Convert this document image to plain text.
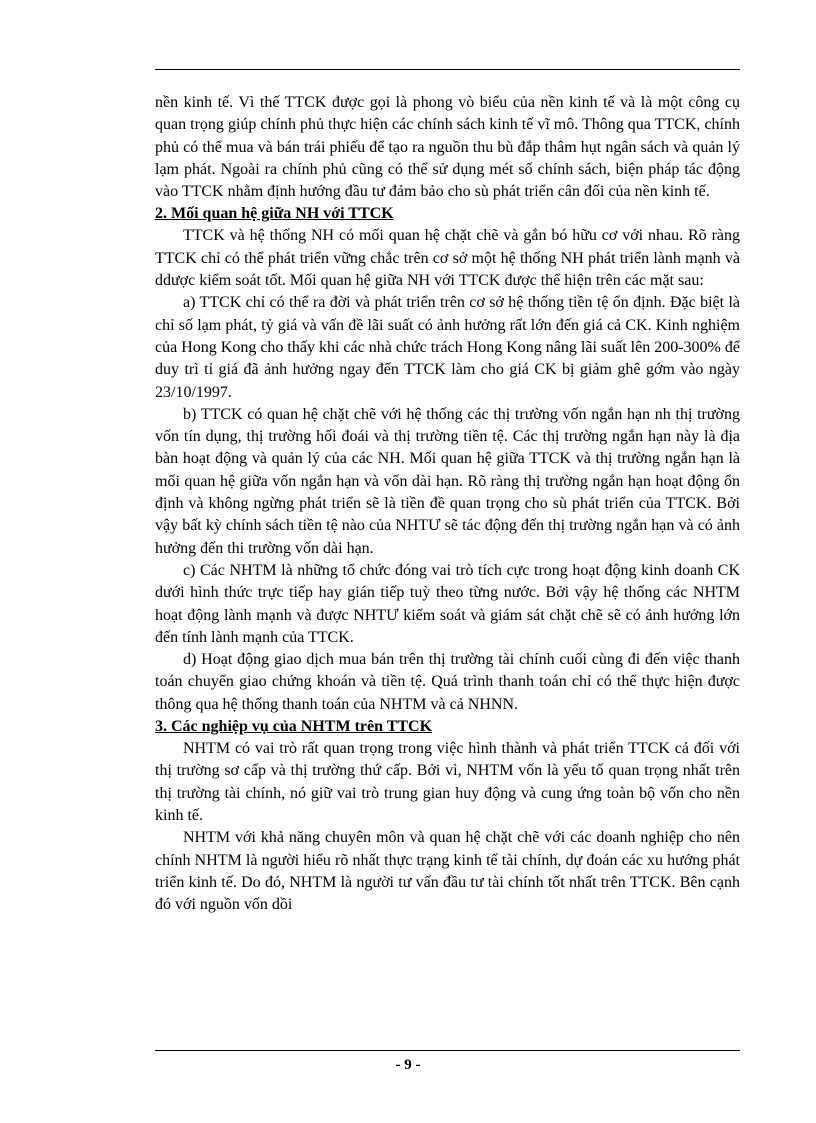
nền kinh tế. Vì thế TTCK được gọi là phong vò biểu của nền kinh tế và là một công cụ quan trọng giúp chính phủ thực hiện các chính sách kinh tế vĩ mô. Thông qua TTCK, chính phủ có thể mua và bán trái phiếu để tạo ra nguồn thu bù đắp thâm hụt ngân sách và quản lý lạm phát. Ngoài ra chính phủ cũng có thể sử dụng mét số chính sách, biện pháp tác động vào TTCK nhằm định hướng đầu tư đảm bảo cho sù phát triển cân đối của nền kinh tế.

2. Mối quan hệ giữa NH với TTCK

TTCK và hệ thống NH có mối quan hệ chặt chẽ và gắn bó hữu cơ với nhau. Rõ ràng TTCK chỉ có thể phát triển vững chắc trên cơ sở một hệ thống NH phát triển lành mạnh và ddược kiểm soát tốt. Mối quan hệ giữa NH với TTCK được thể hiện trên các mặt sau:

a) TTCK chỉ có thể ra đời và phát triển trên cơ sở hệ thống tiền tệ ổn định. Đặc biệt là chỉ số lạm phát, tỷ giá và vấn đề lãi suất có ảnh hưởng rất lớn đến giá cả CK. Kinh nghiệm của Hong Kong cho thấy khi các nhà chức trách Hong Kong nâng lãi suất lên 200-300% để duy trì tỉ giá đã ảnh hưởng ngay đến TTCK làm cho giá CK bị giảm ghê gớm vào ngày 23/10/1997.

b) TTCK có quan hệ chặt chẽ với hệ thống các thị trường vốn ngắn hạn nh thị trường vốn tín dụng, thị trường hối đoái và thị trường tiền tệ. Các thị trường ngắn hạn này là địa bàn hoạt động và quản lý của các NH. Mối quan hệ giữa TTCK và thị trường ngắn hạn là mối quan hệ giữa vốn ngắn hạn và vốn dài hạn. Rõ ràng thị trường ngắn hạn hoạt động ổn định và không ngừng phát triển sẽ là tiền đề quan trọng cho sù phát triển của TTCK. Bởi vậy bất kỳ chính sách tiền tệ nào của NHTƯ sẽ tác động đến thị trường ngắn hạn và có ảnh hưởng đến thi trường vốn dài hạn.

c) Các NHTM là những tổ chức đóng vai trò tích cực trong hoạt động kinh doanh CK dưới hình thức trực tiếp hay gián tiếp tuỳ theo từng nước. Bởi vậy hệ thống các NHTM hoạt động lành mạnh và được NHTƯ kiểm soát và giám sát chặt chẽ sẽ có ảnh hưởng lớn đến tính lành mạnh của TTCK.

d) Hoạt động giao dịch mua bán trên thị trường tài chính cuối cùng đi đến việc thanh toán chuyển giao chứng khoán và tiền tệ. Quá trình thanh toán chỉ có thể thực hiện được thông qua hệ thống thanh toán của NHTM và cả NHNN.

3. Các nghiệp vụ của NHTM trên TTCK

NHTM có vai trò rất quan trọng trong việc hình thành và phát triển TTCK cả đối với thị trường sơ cấp và thị trường thứ cấp. Bởi vì, NHTM vốn là yếu tố quan trọng nhất trên thị trường tài chính, nó giữ vai trò trung gian huy động và cung ứng toàn bộ vốn cho nền kinh tế.

NHTM với khả năng chuyên môn và quan hệ chặt chẽ với các doanh nghiệp cho nên chính NHTM là người hiểu rõ nhất thực trạng kinh tế tài chính, dự đoán các xu hướng phát triển kinh tế. Do đó, NHTM là người tư vấn đầu tư tài chính tốt nhất trên TTCK. Bên cạnh đó với nguồn vốn dồi

- 9 -
